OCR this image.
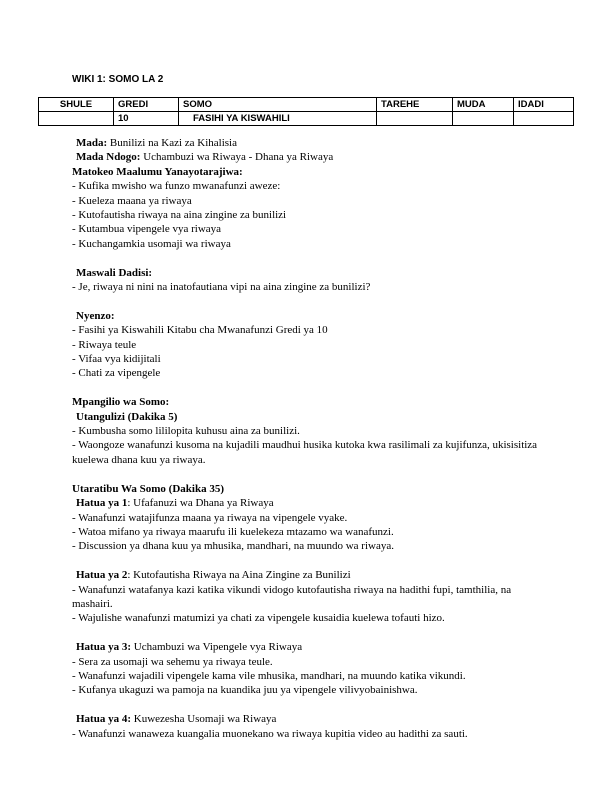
WIKI 1: SOMO LA 2
SHULE	GREDI	SOMO	TAREHE	MUDA	IDADI
	10	FASIHI YA KISWAHILI			
Mada: Bunilizi na Kazi za Kihalisia
Mada Ndogo: Uchambuzi wa Riwaya - Dhana ya Riwaya
Matokeo Maalumu Yanayotarajiwa:
- Kufika mwisho wa funzo mwanafunzi aweze:
- Kueleza maana ya riwaya
- Kutofautisha riwaya na aina zingine za bunilizi
- Kutambua vipengele vya riwaya
- Kuchangamkia usomaji wa riwaya
Maswali Dadisi:
- Je, riwaya ni nini na inatofautiana vipi na aina zingine za bunilizi?
Nyenzo:
- Fasihi ya Kiswahili Kitabu cha Mwanafunzi Gredi ya 10
- Riwaya teule
- Vifaa vya kidijitali
- Chati za vipengele
Mpangilio wa Somo:
Utangulizi (Dakika 5)
- Kumbusha somo lililopita kuhusu aina za bunilizi.
- Waongoze wanafunzi kusoma na kujadili maudhui husika kutoka kwa rasilimali za kujifunza, ukisisitiza kuelewa dhana kuu ya riwaya.
Utaratibu Wa Somo (Dakika 35)
Hatua ya 1: Ufafanuzi wa Dhana ya Riwaya
- Wanafunzi watajifunza maana ya riwaya na vipengele vyake.
- Watoa mifano ya riwaya maarufu ili kuelekeza mtazamo wa wanafunzi.
- Discussion ya dhana kuu ya mhusika, mandhari, na muundo wa riwaya.
Hatua ya 2: Kutofautisha Riwaya na Aina Zingine za Bunilizi
- Wanafunzi watafanya kazi katika vikundi vidogo kutofautisha riwaya na hadithi fupi, tamthilia, na mashairi.
- Wajulishe wanafunzi matumizi ya chati za vipengele kusaidia kuelewa tofauti hizo.
Hatua ya 3: Uchambuzi wa Vipengele vya Riwaya
- Sera za usomaji wa sehemu ya riwaya teule.
- Wanafunzi wajadili vipengele kama vile mhusika, mandhari, na muundo katika vikundi.
- Kufanya ukaguzi wa pamoja na kuandika juu ya vipengele vilivyobainishwa.
Hatua ya 4: Kuwezesha Usomaji wa Riwaya
- Wanafunzi wanaweza kuangalia muonekano wa riwaya kupitia video au hadithi za sauti.
